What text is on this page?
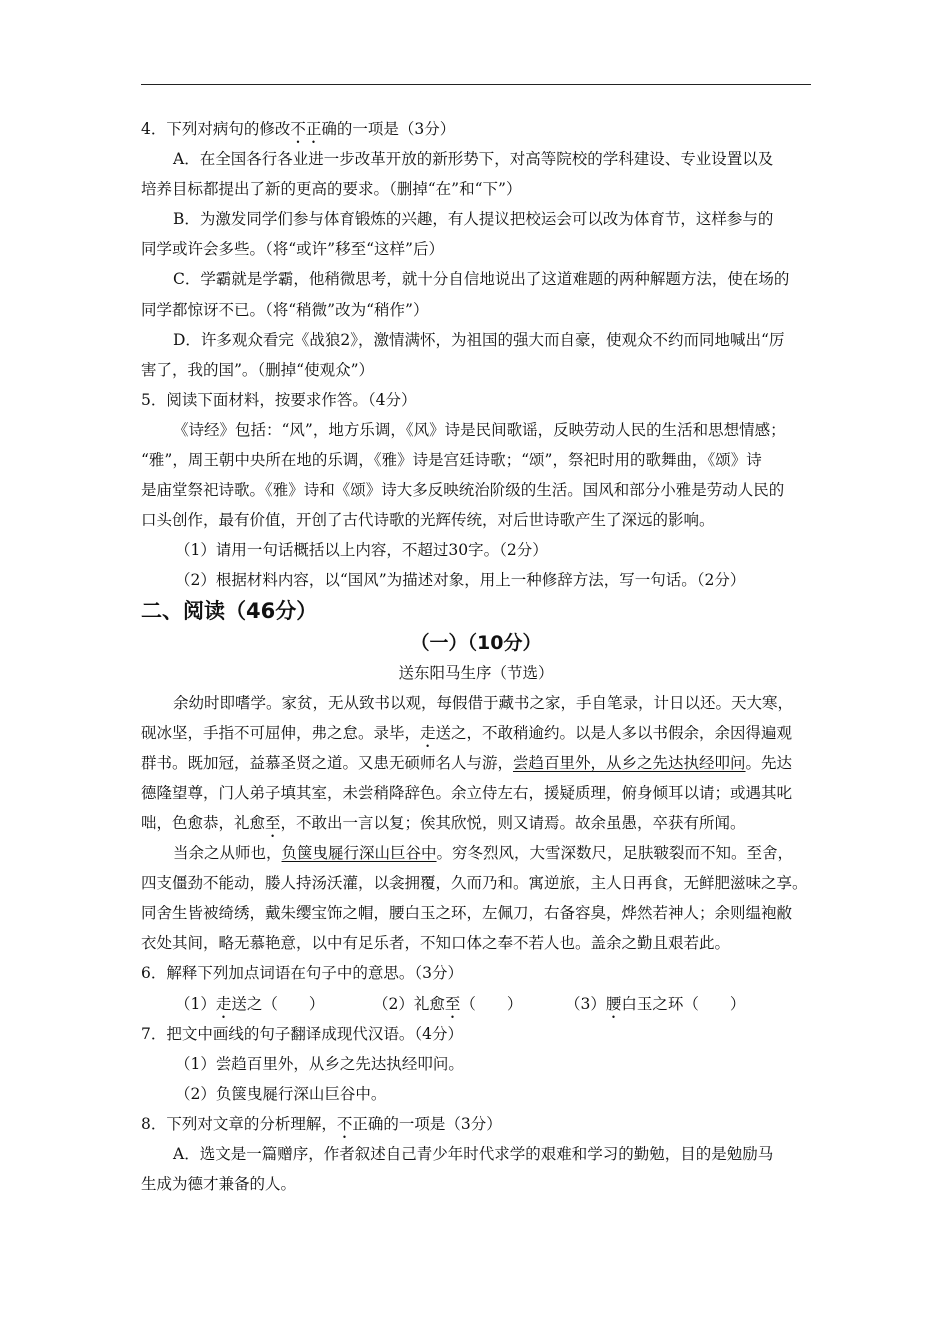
4．下列对病句的修改不正确的一项是（3分）
A．在全国各行各业进一步改革开放的新形势下，对高等院校的学科建设、专业设置以及
培养目标都提出了新的更高的要求。（删掉“在”和“下”）
B．为激发同学们参与体育锻炼的兴趣，有人提议把校运会可以改为体育节，这样参与的
同学或许会多些。（将“或许”移至“这样”后）
C．学霸就是学霸，他稍微思考，就十分自信地说出了这道难题的两种解题方法，使在场的
同学都惊讶不已。（将“稍微”改为“稍作”）
D．许多观众看完《战狼2》，激情满怀，为祖国的强大而自豪，使观众不约而同地喊出“厉
害了，我的国”。（删掉“使观众”）
5．阅读下面材料，按要求作答。（4分）
《诗经》包括：“风”，地方乐调，《风》诗是民间歌谣，反映劳动人民的生活和思想情感；
“雅”，周王朝中央所在地的乐调，《雅》诗是宫廷诗歌；“颂”，祭祀时用的歌舞曲，《颂》诗
是庙堂祭祀诗歌。《雅》诗和《颂》诗大多反映统治阶级的生活。国风和部分小雅是劳动人民的
口头创作，最有价值，开创了古代诗歌的光辉传统，对后世诗歌产生了深远的影响。
（1）请用一句话概括以上内容，不超过30字。（2分）
（2）根据材料内容，以“国风”为描述对象，用上一种修辞方法，写一句话。（2分）
二、阅读（46分）
（一）（10分）
送东阳马生序（节选）
余幼时即嗜学。家贫，无从致书以观，每假借于藏书之家，手自笔录，计日以还。天大寒，
砚冰坚，手指不可屈伸，弗之怠。录毕，走送之，不敢稍逾约。以是人多以书假余，余因得遍观
群书。既加冠，益慕圣贤之道。又患无硕师名人与游，尝趋百里外，从乡之先达执经叩问。先达
德隆望尊，门人弟子填其室，未尝稍降辞色。余立侍左右，援疑质理，俯身倾耳以请；或遇其叱
咄，色愈恭，礼愈至，不敢出一言以复；俟其欣悦，则又请焉。故余虽愚，卒获有所闻。
当余之从师也，负箧曳屣行深山巨谷中。穷冬烈风，大雪深数尺，足肤皲裂而不知。至舍，
四支僵劲不能动，媵人持汤沃灌，以衾拥覆，久而乃和。寓逆旅，主人日再食，无鲜肥滋味之享。
同舍生皆被绮绣，戴朱缨宝饰之帽，腰白玉之环，左佩刀，右备容臭，烨然若神人；余则缊袍敝
衣处其间，略无慕艳意，以中有足乐者，不知口体之奉不若人也。盖余之勤且艰若此。
6．解释下列加点词语在句子中的意思。（3分）
（1）走送之（　　）	（2）礼愈至（　　）	（3）腰白玉之环（　　）
7．把文中画线的句子翻译成现代汉语。（4分）
（1）尝趋百里外，从乡之先达执经叩问。
（2）负箧曳屣行深山巨谷中。
8．下列对文章的分析理解，不正确的一项是（3分）
A．选文是一篇赠序，作者叙述自己青少年时代求学的艰难和学习的勤勉，目的是勉励马
生成为德才兼备的人。
